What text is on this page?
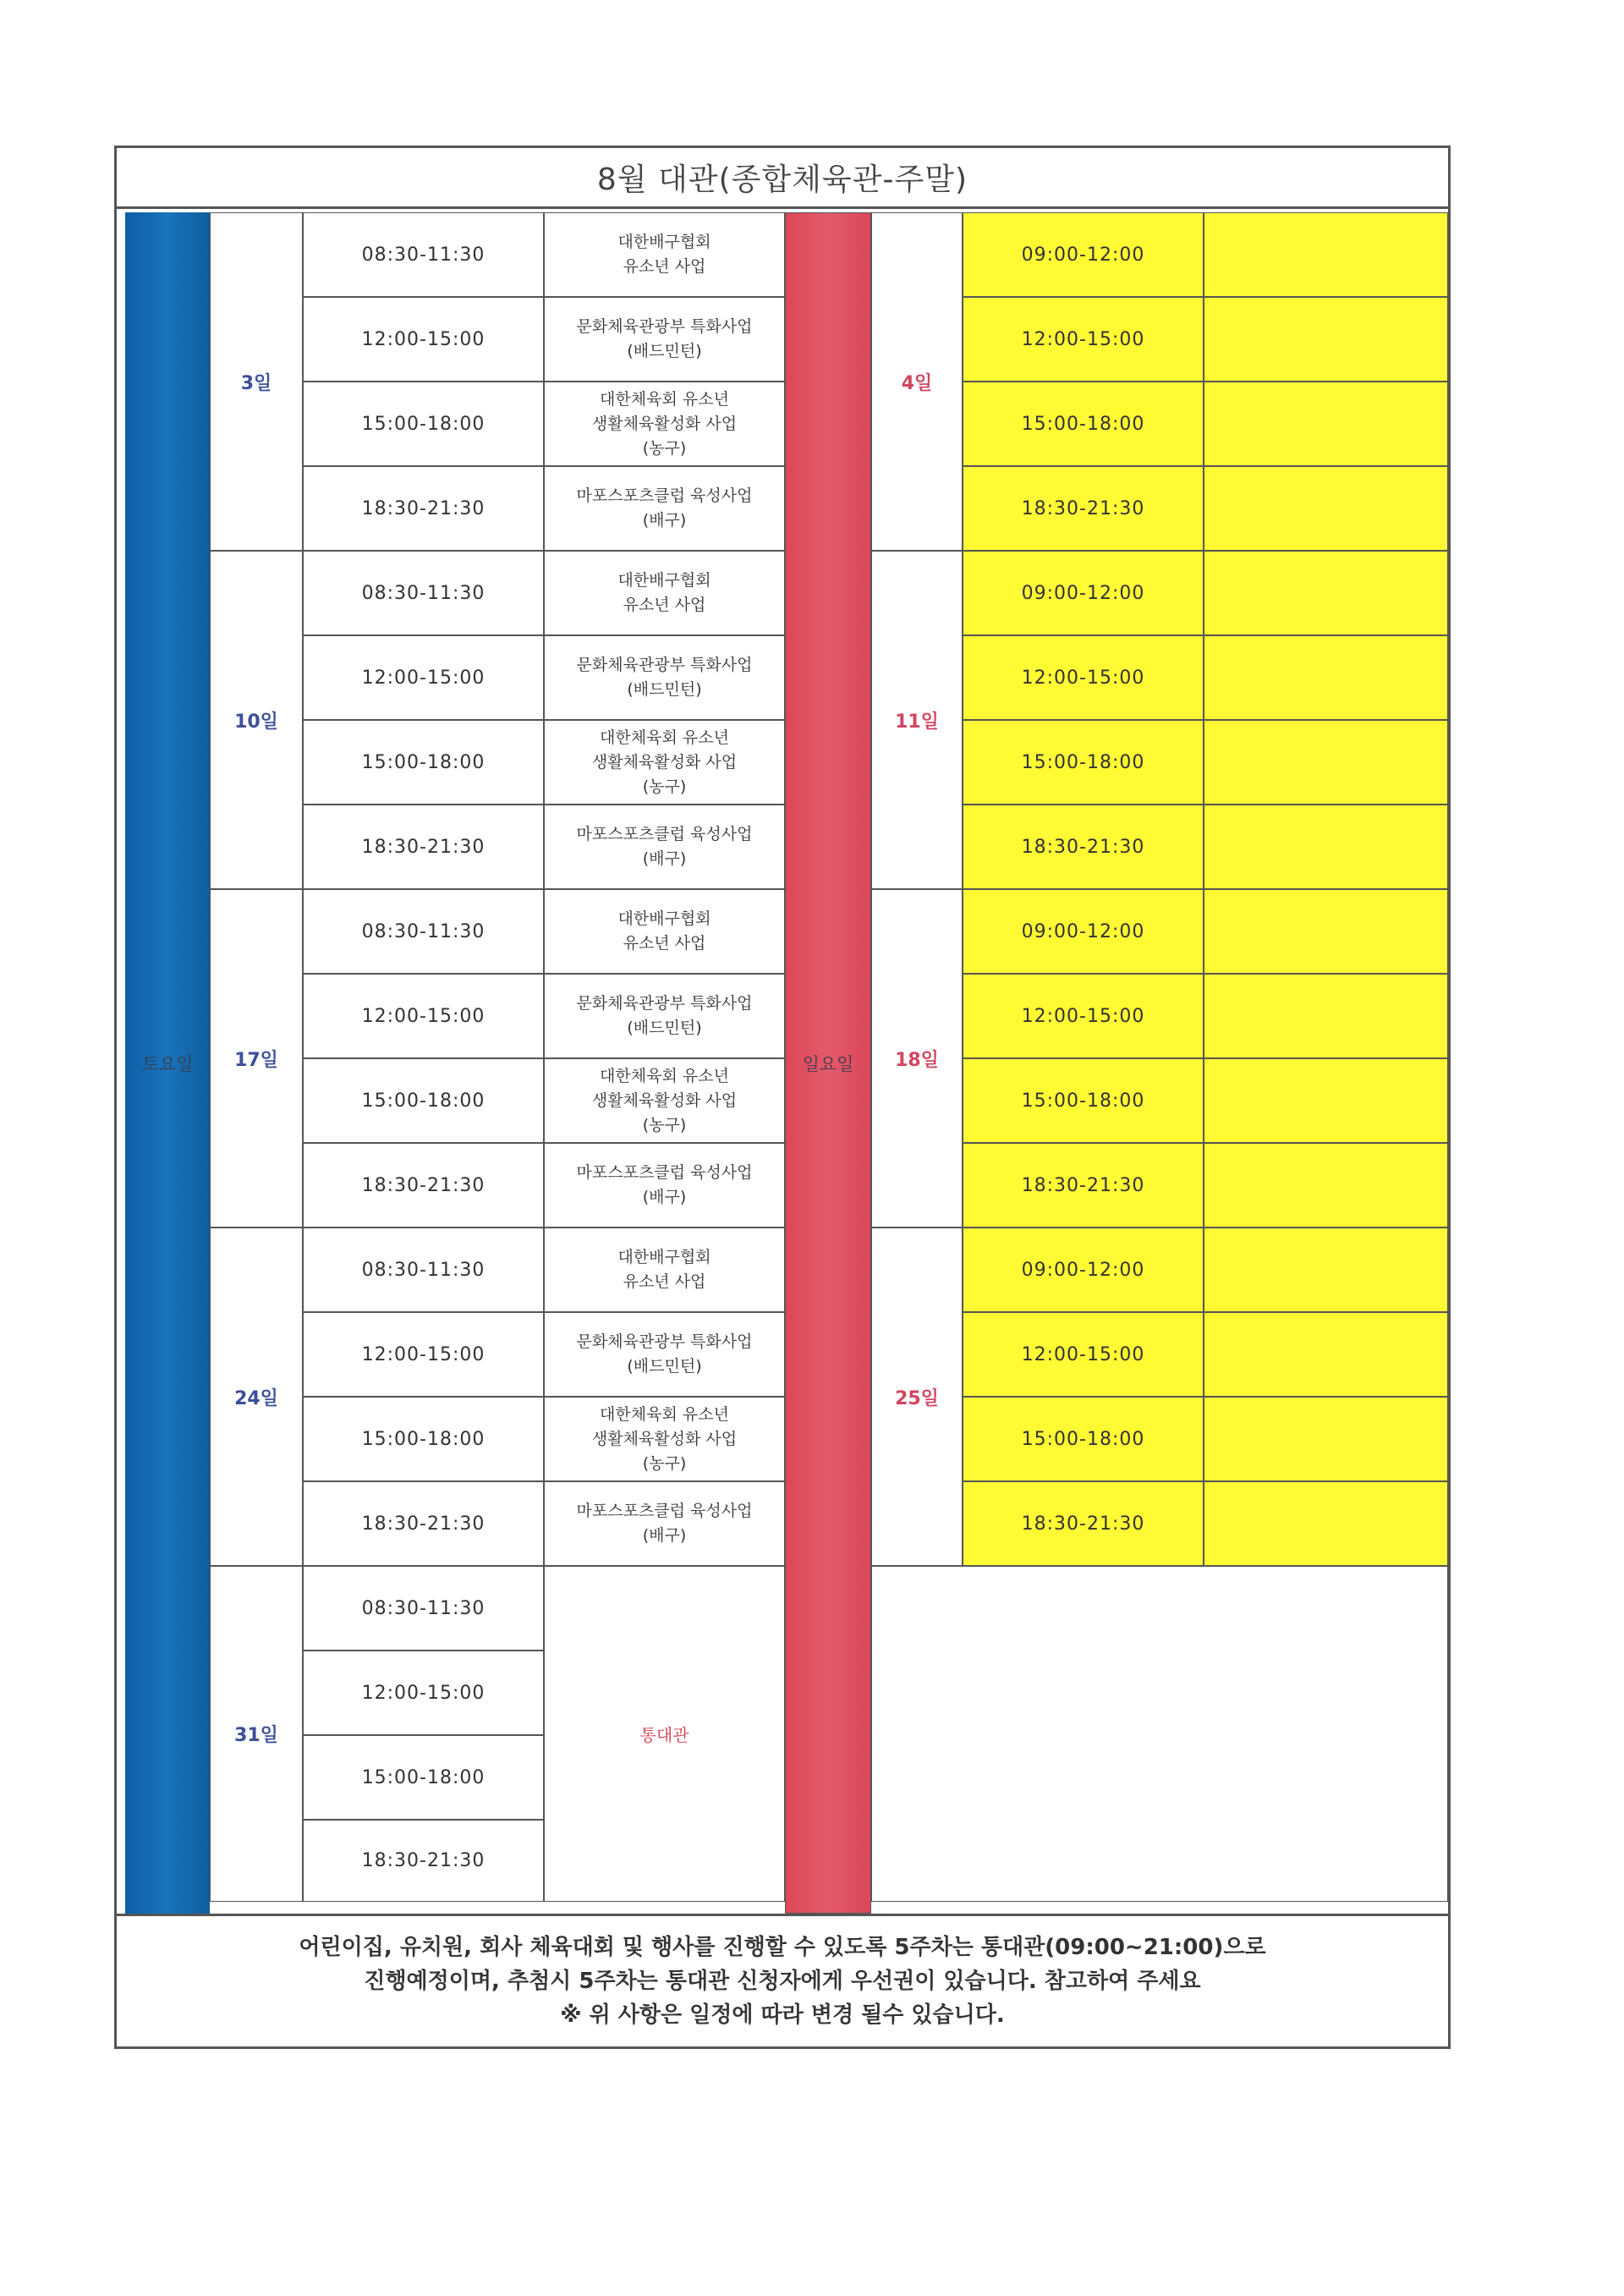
8월 대관(종합체육관-주말)
토요일	일요일
3일
08:30-11:30
대한배구협회
유소년 사업
12:00-15:00
문화체육관광부 특화사업
(배드민턴)
15:00-18:00
대한체육회 유소년
생활체육활성화 사업
(농구)
18:30-21:30
마포스포츠클럽 육성사업
(배구)
10일
08:30-11:30
대한배구협회
유소년 사업
12:00-15:00
문화체육관광부 특화사업
(배드민턴)
15:00-18:00
대한체육회 유소년
생활체육활성화 사업
(농구)
18:30-21:30
마포스포츠클럽 육성사업
(배구)
17일
08:30-11:30
대한배구협회
유소년 사업
12:00-15:00
문화체육관광부 특화사업
(배드민턴)
15:00-18:00
대한체육회 유소년
생활체육활성화 사업
(농구)
18:30-21:30
마포스포츠클럽 육성사업
(배구)
24일
08:30-11:30
대한배구협회
유소년 사업
12:00-15:00
문화체육관광부 특화사업
(배드민턴)
15:00-18:00
대한체육회 유소년
생활체육활성화 사업
(농구)
18:30-21:30
마포스포츠클럽 육성사업
(배구)
31일
08:30-11:30
12:00-15:00
15:00-18:00
18:30-21:30
통대관
4일
09:00-12:00
12:00-15:00
15:00-18:00
18:30-21:30
11일
09:00-12:00
12:00-15:00
15:00-18:00
18:30-21:30
18일
09:00-12:00
12:00-15:00
15:00-18:00
18:30-21:30
25일
09:00-12:00
12:00-15:00
15:00-18:00
18:30-21:30
어린이집, 유치원, 회사 체육대회 및 행사를 진행할 수 있도록 5주차는 통대관(09:00~21:00)으로
진행예정이며, 추첨시 5주차는 통대관 신청자에게 우선권이 있습니다. 참고하여 주세요
※ 위 사항은 일정에 따라 변경 될수 있습니다.
